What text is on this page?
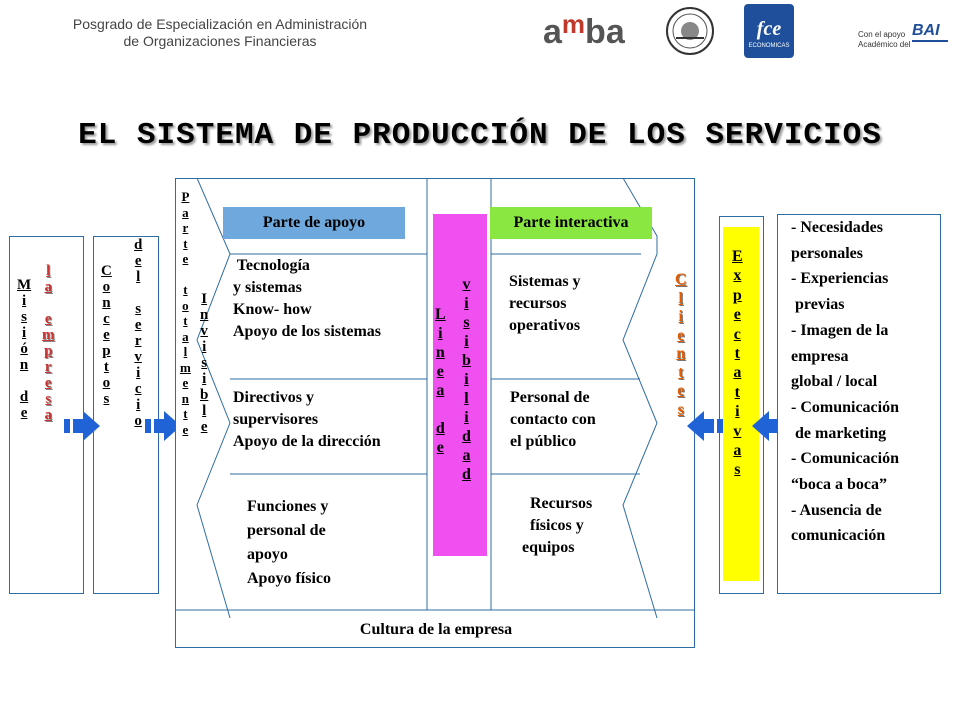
Posgrado de Especialización en Administración
de Organizaciones Financieras	$a^mba$	fce
ECONOMICAS
Con el apoyo
Académico del
BAI
EL SISTEMA DE PRODUCCIÓN DE LOS SERVICIOS
M
i
s
i
ó
n

d
e
l
a

e
m
p
r
e
s
a
C
o
n
c
e
p
t
o
s
d
e
l

s
e
r
v
i
c
i
o
P
a
r
t
e

t
o
t
a
l
m
e
n
t
e
I
n
v
i
s
i
b
l
e
Parte de apoyo	Parte interactiva
Tecnología
y sistemas
Know- how
Apoyo de los sistemas
Directivos y
supervisores
Apoyo de la dirección
Funciones y
personal de
apoyo
Apoyo físico
L
i
n
e
a

d
e
v
i
s
i
b
i
l
i
d
a
d
Sistemas y
recursos
operativos
Personal de
contacto con
el público
Recursos
físicos y
equipos
C
l
i
e
n
t
e
s
Cultura de la empresa
E
x
p
e
c
t
a
t
i
v
a
s
- Necesidades
personales
- Experiencias
previas
- Imagen de la
empresa
global / local
- Comunicación
de marketing
- Comunicación
“boca a boca”
- Ausencia de
comunicación
